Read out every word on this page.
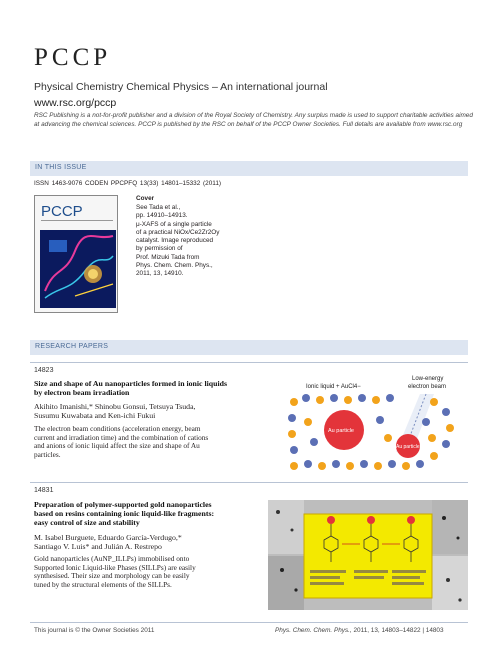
PCCP
Physical Chemistry Chemical Physics – An international journal
www.rsc.org/pccp
RSC Publishing is a not-for-profit publisher and a division of the Royal Society of Chemistry. Any surplus made is used to support charitable activities aimed at advancing the chemical sciences. PCCP is published by the RSC on behalf of the PCCP Owner Societies. Full details are available from www.rsc.org
IN THIS ISSUE
ISSN 1463-9076 CODEN PPCPFQ 13(33) 14801–15332 (2011)
PCCP
Cover
See Tada et al.,
pp. 14910–14913.
μ-XAFS of a single particle
of a practical NiOx/Ce2Zr2Oy
catalyst. Image reproduced
by permission of
Prof. Mizuki Tada from
Phys. Chem. Chem. Phys.,
2011, 13, 14910.
RESEARCH PAPERS
14823
Size and shape of Au nanoparticles formed in ionic liquids
by electron beam irradiation
Akihito Imanishi,* Shinobu Gonsui, Tetsuya Tsuda,
Susumu Kuwabata and Ken-ichi Fukui
The electron beam conditions (acceleration energy, beam
current and irradiation time) and the combination of cations
and anions of ionic liquid affect the size and shape of Au
particles.
Low-energy
electron beam
Ionic liquid + AuCl4−
Au particle
Au particle
14831
Preparation of polymer-supported gold nanoparticles
based on resins containing ionic liquid-like fragments:
easy control of size and stability
M. Isabel Burguete, Eduardo García-Verdugo,*
Santiago V. Luis* and Julián A. Restrepo
Gold nanoparticles (AuNP_ILLPs) immobilised onto
Supported Ionic Liquid-like Phases (SILLPs) are easily
synthesised. Their size and morphology can be easily
tuned by the structural elements of the SILLPs.
This journal is © the Owner Societies 2011	Phys. Chem. Chem. Phys., 2011, 13, 14803–14822 | 14803
